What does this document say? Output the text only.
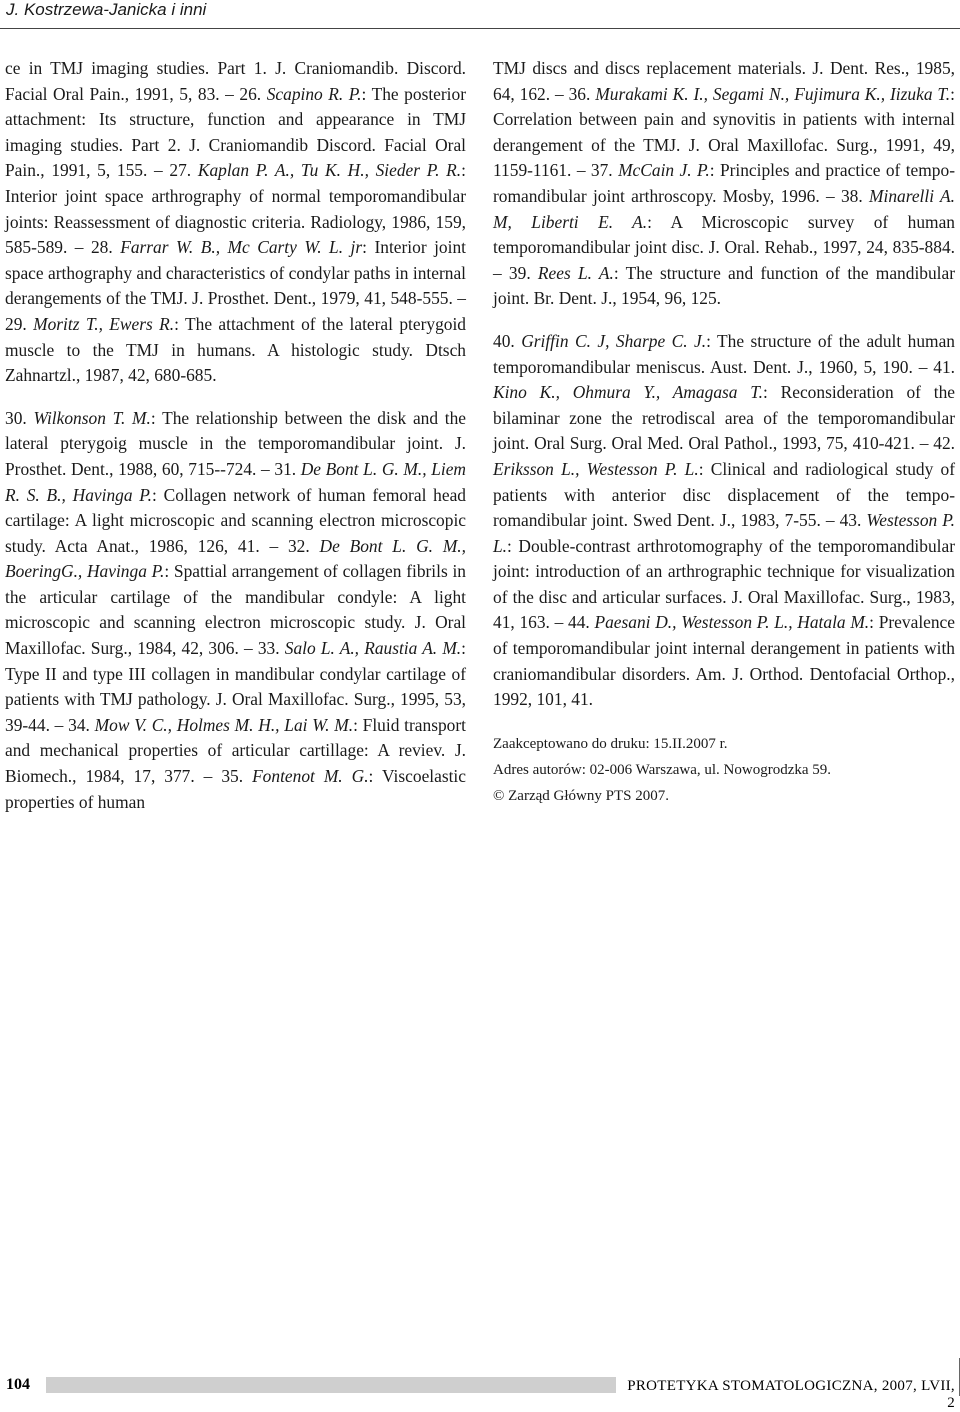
J. Kostrzewa-Janicka i inni

ce in TMJ imaging studies. Part 1. J. Craniomandib. Discord. Facial Oral Pain., 1991, 5, 83. – 26. Scapino R. P.: The posterior attachment: Its structure, function and appearance in TMJ imaging studies. Part 2. J. Craniomandib Discord. Facial Oral Pain., 1991, 5, 155. – 27. Kaplan P. A., Tu K. H., Sieder P. R.: Interior joint space arthrography of normal temporomandibular joints: Reassessment of diagnostic criteria. Radiology, 1986, 159, 585-589. – 28. Farrar W. B., Mc Carty W. L. jr: Interior joint space arthography and characteristics of condylar paths in internal derangements of the TMJ. J. Prosthet. Dent., 1979, 41, 548-555. – 29. Moritz T., Ewers R.: The attachment of the lateral pterygoid muscle to the TMJ in humans. A histologic study. Dtsch Zahnartzl., 1987, 42, 680-685.

30. Wilkonson T. M.: The relationship between the disk and the lateral pterygoig muscle in the temporomandibular joint. J. Prosthet. Dent., 1988, 60, 715--724. – 31. De Bont L. G. M., Liem R. S. B., Havinga P.: Collagen network of human femoral head cartilage: A light microscopic and scanning electron microscopic study. Acta Anat., 1986, 126, 41. – 32. De Bont L. G. M., BoeringG., Havinga P.: Spattial arrangement of collagen fibrils in the articular cartilage of the mandibular condyle: A light microscopic and scanning electron microscopic study. J. Oral Maxillofac. Surg., 1984, 42, 306. – 33. Salo L. A., Raustia A. M.: Type II and type III collagen in mandibular condylar cartilage of patients with TMJ pathology. J. Oral Maxillofac. Surg., 1995, 53, 39-44. – 34. Mow V. C., Holmes M. H., Lai W. M.: Fluid transport and mechanical properties of articular cartillage: A reviev. J. Biomech., 1984, 17, 377. – 35. Fontenot M. G.: Viscoelastic properties of human

TMJ discs and discs replacement materials. J. Dent. Res., 1985, 64, 162. – 36. Murakami K. I., Segami N., Fujimura K., Iizuka T.: Correlation between pain and synovitis in patients with internal derangement of the TMJ. J. Oral Maxillofac. Surg., 1991, 49, 1159-1161. – 37. McCain J. P.: Principles and practice of temporomandibular joint arthroscopy. Mosby, 1996. – 38. Minarelli A. M, Liberti E. A.: A Microscopic survey of human temporomandibular joint disc. J. Oral. Rehab., 1997, 24, 835-884. – 39. Rees L. A.: The structure and function of the mandibular joint. Br. Dent. J., 1954, 96, 125.

40. Griffin C. J, Sharpe C. J.: The structure of the adult human temporomandibular meniscus. Aust. Dent. J., 1960, 5, 190. – 41. Kino K., Ohmura Y., Amagasa T.: Reconsideration of the bilaminar zone the retrodiscal area of the temporomandibular joint. Oral Surg. Oral Med. Oral Pathol., 1993, 75, 410-421. – 42. Eriksson L., Westesson P. L.: Clinical and radiological study of patients with anterior disc displacement of the temporomandibular joint. Swed Dent. J., 1983, 7-55. – 43. Westesson P. L.: Double-contrast arthrotomography of the temporomandibular joint: introduction of an arthrographic technique for visualization of the disc and articular surfaces. J. Oral Maxillofac. Surg., 1983, 41, 163. – 44. Paesani D., Westesson P. L., Hatala M.: Prevalence of temporomandibular joint internal derangement in patients with craniomandibular disorders. Am. J. Orthod. Dentofacial Orthop., 1992, 101, 41.

Zaakceptowano do druku: 15.II.2007 r.
Adres autorów: 02-006 Warszawa, ul. Nowogrodzka 59.
© Zarząd Główny PTS 2007.
104	PROTETYKA STOMATOLOGICZNA, 2007, LVII, 2
